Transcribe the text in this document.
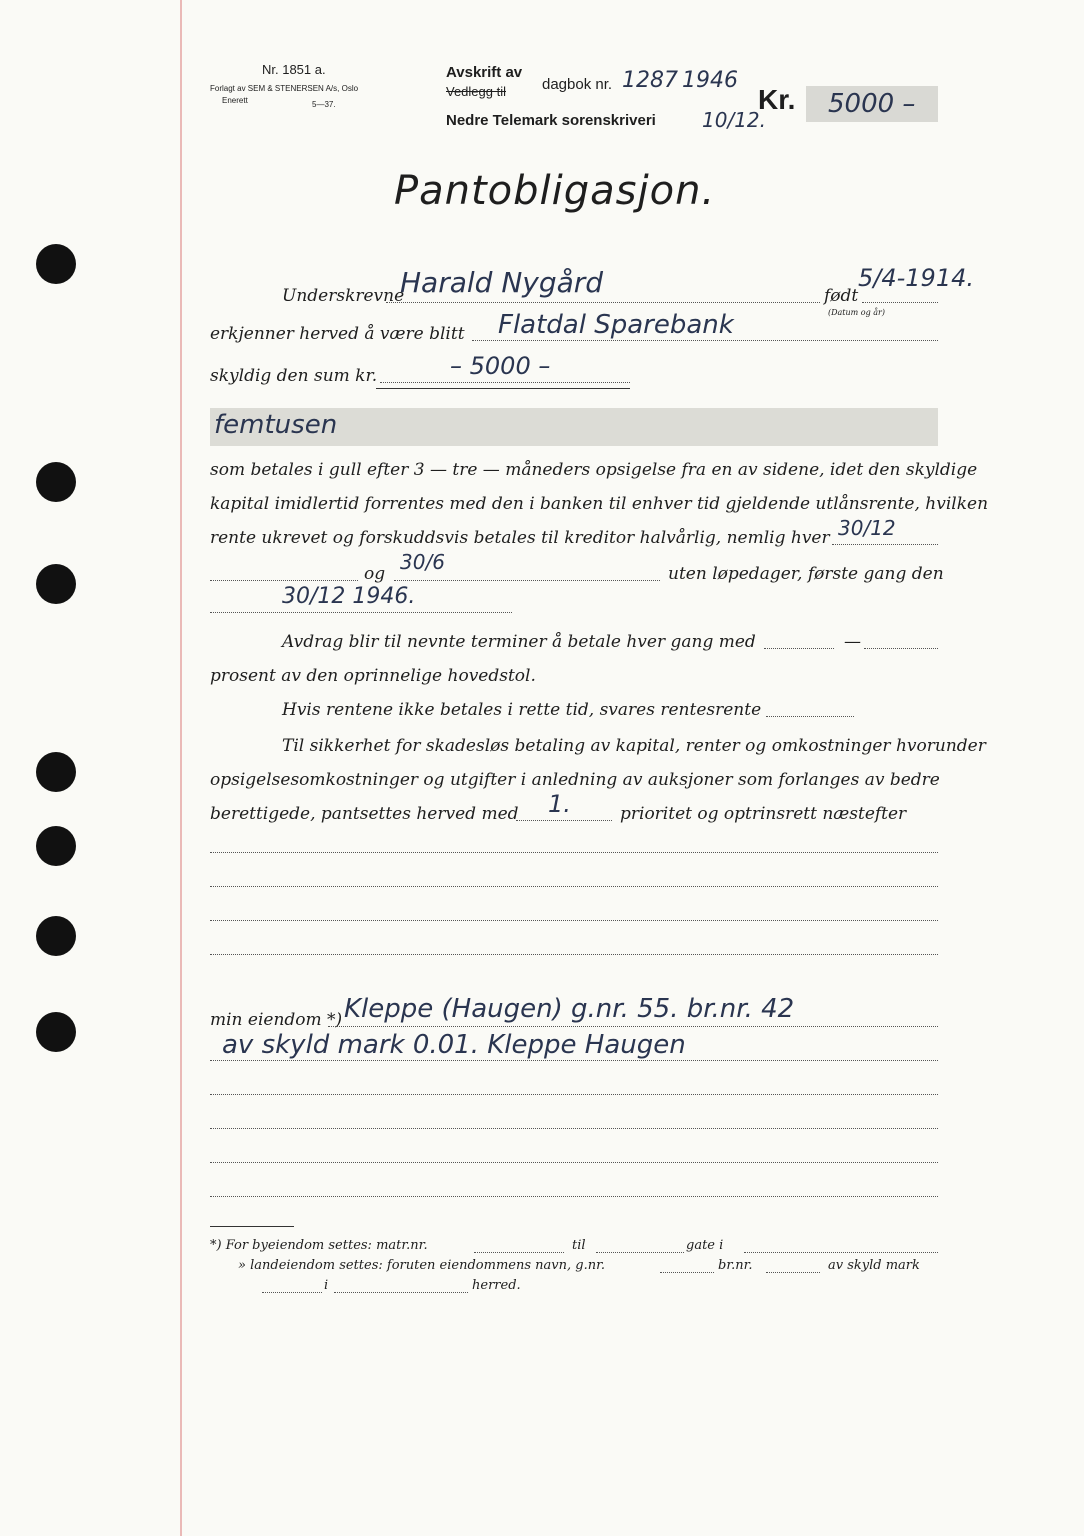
Nr. 1851 a.
Forlagt av SEM & STENERSEN A/s, Oslo
Enerett	5—37.
Avskrift av
Vedlegg til dagbok nr. 1287 1946
Nedre Telemark sorenskriveri 10/12.
Kr.	5000 –
Pantobligasjon.
Underskrevne
Harald Nygård	født
5/4-1914.
(Datum og år)
erkjenner herved å være blitt Flatdal Sparebank
skyldig den sum kr.	– 5000 –
femtusen
som betales i gull efter 3 — tre — måneders opsigelse fra en av sidene, idet den skyldige
kapital imidlertid forrentes med den i banken til enhver tid gjeldende utlånsrente, hvilken
rente ukrevet og forskuddsvis betales til kreditor halvårlig, nemlig hver 30/12
og 30/6	uten løpedager, første gang den
30/12 1946.
Avdrag blir til nevnte terminer å betale hver gang med	—
prosent av den oprinnelige hovedstol.
Hvis rentene ikke betales i rette tid, svares rentesrente
Til sikkerhet for skadesløs betaling av kapital, renter og omkostninger hvorunder
opsigelsesomkostninger og utgifter i anledning av auksjoner som forlanges av bedre
berettigede, pantsettes herved med 1.	prioritet og optrinsrett næstefter
min eiendom *) Kleppe (Haugen) g.nr. 55. br.nr. 42
av skyld mark 0.01. Kleppe Haugen
*) For byeiendom settes: matr.nr.	til	gate i
» landeiendom settes: foruten eiendommens navn, g.nr.	br.nr.	av skyld mark
i	herred.
